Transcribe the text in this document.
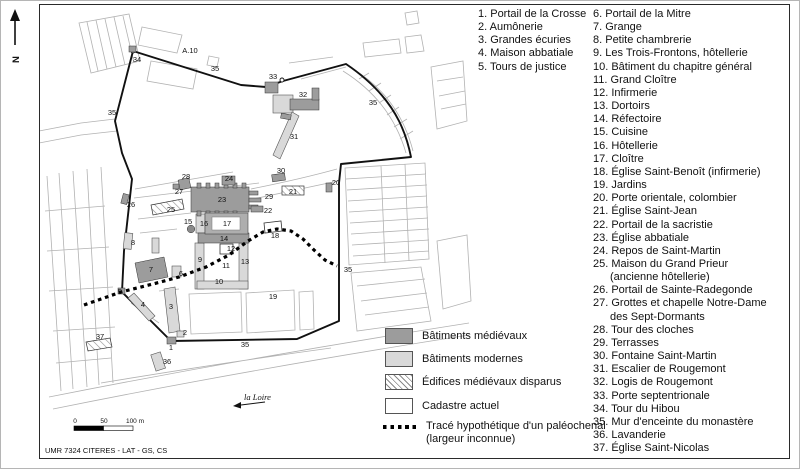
N
A.10
34
35
35
33
32
31
35
30
20
29
21
28
27
24
23
26
25	22
15 16 17
18
14
12
8
9	13
11
7	6
10
35
19
5
4	3
2
1
37
36
35
la Loire
0	50	100 m
UMR 7324 CITERES - LAT - GS, CS
Bâtiments médiévaux
Bâtiments modernes
Édifices médiévaux disparus
Cadastre actuel
Tracé hypothétique d'un paléochenal
(largeur inconnue)
1. Portail de la Crosse
2. Aumônerie
3. Grandes écuries
4. Maison abbatiale
5. Tours de justice
6. Portail de la Mitre
7. Grange
8. Petite chambrerie
9. Les Trois-Frontons, hôtellerie
10. Bâtiment du chapitre général
11. Grand Cloître
12. Infirmerie
13. Dortoirs
14. Réfectoire
15. Cuisine
16. Hôtellerie
17. Cloître
18. Église Saint-Benoît (infirmerie)
19. Jardins
20. Porte orientale, colombier
21. Église Saint-Jean
22. Portail de la sacristie
23. Église abbatiale
24. Repos de Saint-Martin
25. Maison du Grand Prieur
(ancienne hôtellerie)
26. Portail de Sainte-Radegonde
27. Grottes et chapelle Notre-Dame
des Sept-Dormants
28. Tour des cloches
29. Terrasses
30. Fontaine Saint-Martin
31. Escalier de Rougemont
32. Logis de Rougemont
33. Porte septentrionale
34. Tour du Hibou
35. Mur d'enceinte du monastère
36. Lavanderie
37. Église Saint-Nicolas
